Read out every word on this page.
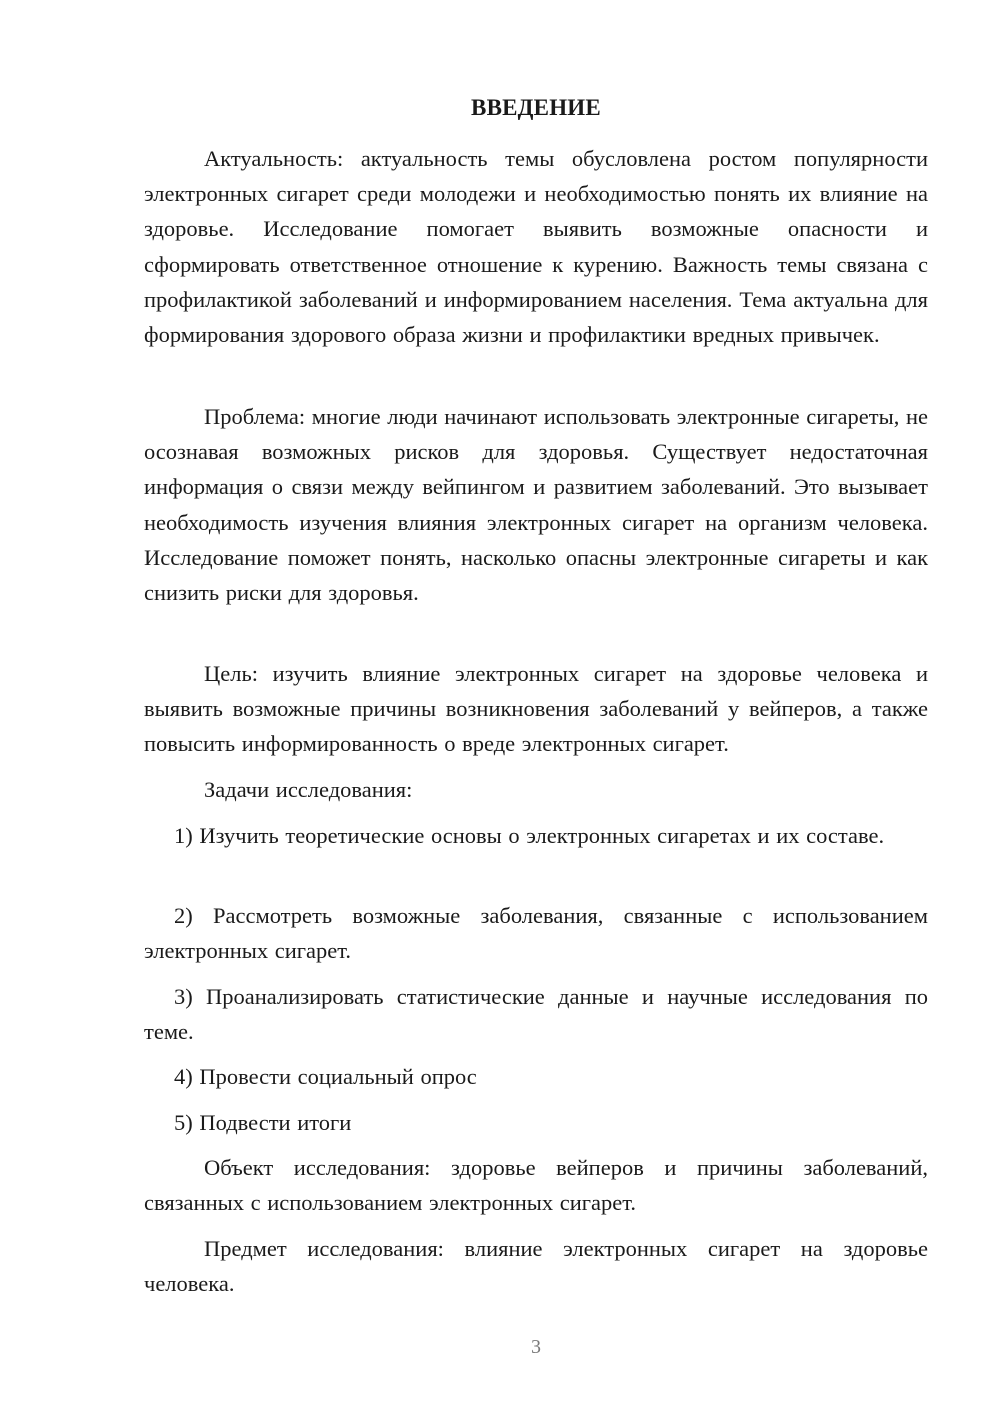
ВВЕДЕНИЕ

Актуальность: актуальность темы обусловлена ростом популярности электронных сигарет среди молодежи и необходимостью понять их влияние на здоровье. Исследование помогает выявить возможные опасности и сформировать ответственное отношение к курению. Важность темы связана с профилактикой заболеваний и информированием населения. Тема актуальна для формирования здорового образа жизни и профилактики вредных привычек.

Проблема: многие люди начинают использовать электронные сигареты, не осознавая возможных рисков для здоровья. Существует недостаточная информация о связи между вейпингом и развитием заболеваний. Это вызывает необходимость изучения влияния электронных сигарет на организм человека. Исследование поможет понять, насколько опасны электронные сигареты и как снизить риски для здоровья.

Цель: изучить влияние электронных сигарет на здоровье человека и выявить возможные причины возникновения заболеваний у вейперов, а также повысить информированность о вреде электронных сигарет.

Задачи исследования:

1) Изучить теоретические основы о электронных сигаретах и их составе.

2) Рассмотреть возможные заболевания, связанные с использованием электронных сигарет.

3) Проанализировать статистические данные и научные исследования по теме.

4) Провести социальный опрос

5) Подвести итоги

Объект исследования: здоровье вейперов и причины заболеваний, связанных с использованием электронных сигарет.

Предмет исследования: влияние электронных сигарет на здоровье человека.

3
